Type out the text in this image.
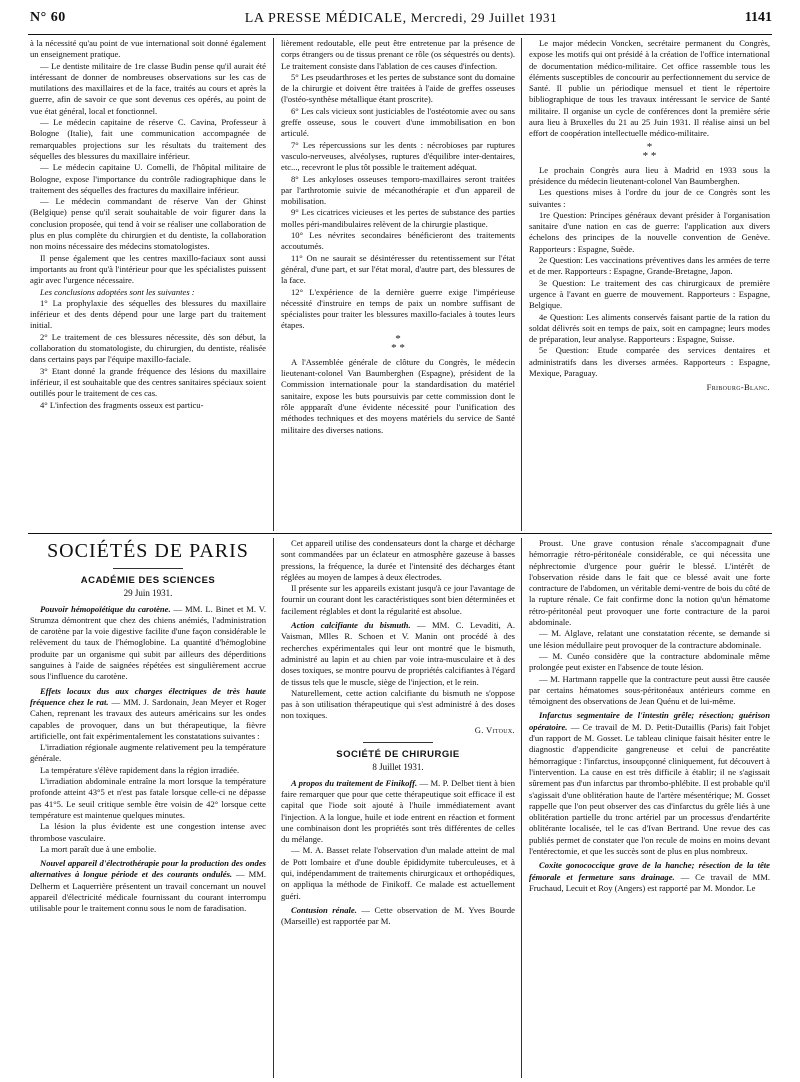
N° 60	LA PRESSE MÉDICALE, Mercredi, 29 Juillet 1931	1141

à la nécessité qu'au point de vue international soit donné également un enseignement pratique.

— Le dentiste militaire de 1re classe Budin pense qu'il aurait été intéressant de donner de nombreuses observations sur les cas de mutilations des maxillaires et de la face, traités au cours et après la guerre, afin de savoir ce que sont devenus ces opérés, au point de vue état général, local et fonctionnel.

— Le médecin capitaine de réserve C. Cavina, Professeur à Bologne (Italie), fait une communication accompagnée de remarquables projections sur les résultats du traitement des séquelles des blessures du maxillaire inférieur.

— Le médecin capitaine U. Comelli, de l'hôpital militaire de Bologne, expose l'importance du contrôle radiographique dans le traitement des séquelles des fractures du maxillaire inférieur.

— Le médecin commandant de réserve Van der Ghinst (Belgique) pense qu'il serait souhaitable de voir figurer dans la conclusion proposée, qui tend à voir se réaliser une collaboration de plus en plus complète du chirurgien et du dentiste, la collaboration non moins nécessaire des médecins stomatologistes.

Il pense également que les centres maxillo-faciaux sont aussi importants au front qu'à l'intérieur pour que les spécialistes puissent agir avec l'urgence nécessaire.

Les conclusions adoptées sont les suivantes :

1° La prophylaxie des séquelles des blessures du maxillaire inférieur et des dents dépend pour une large part du traitement initial.

2° Le traitement de ces blessures nécessite, dès son début, la collaboration du stomatologiste, du chirurgien, du dentiste, réalisée dans certains pays par l'équipe maxillo-faciale.

3° Etant donné la grande fréquence des lésions du maxillaire inférieur, il est souhaitable que des centres sanitaires spéciaux soient outillés pour le traitement de ces cas.

4° L'infection des fragments osseux est particu-

lièrement redoutable, elle peut être entretenue par la présence de corps étrangers ou de tissus prenant ce rôle (os séquestrés ou dents). Le traitement consiste dans l'ablation de ces causes d'infection.

5° Les pseudarthroses et les pertes de substance sont du domaine de la chirurgie et doivent être traitées à l'aide de greffes osseuses (l'ostéo-synthèse métallique étant proscrite).

6° Les cals vicieux sont justiciables de l'ostéotomie avec ou sans greffe osseuse, sous le couvert d'une immobilisation en bon articulé.

7° Les répercussions sur les dents : nécrobioses par ruptures vasculo-nerveuses, alvéolyses, ruptures d'équilibre inter-dentaires, etc..., recevront le plus tôt possible le traitement adéquat.

8° Les ankyloses osseuses temporo-maxillaires seront traitées par l'arthrotomie suivie de mécanothérapie et d'un appareil de mobilisation.

9° Les cicatrices vicieuses et les pertes de substance des parties molles péri-mandibulaires relèvent de la chirurgie plastique.

10° Les névrites secondaires bénéficieront des traitements accoutumés.

11° On ne saurait se désintéresser du retentissement sur l'état général, d'une part, et sur l'état moral, d'autre part, des blessures de la face.

12° L'expérience de la dernière guerre exige l'impérieuse nécessité d'instruire en temps de paix un nombre suffisant de spécialistes pour traiter les blessures maxillo-faciales à toutes leurs étapes.

*
* *

A l'Assemblée générale de clôture du Congrès, le médecin lieutenant-colonel Van Baumberghen (Espagne), président de la Commission internationale pour la standardisation du matériel sanitaire, expose les buts poursuivis par cette commission dont le rôle appparaît d'une évidente nécessité pour l'unification des méthodes techniques et des moyens matériels du service de Santé militaire des diverses nations.

Le major médecin Voncken, secrétaire permanent du Congrès, expose les motifs qui ont présidé à la création de l'office international de documentation médico-militaire. Cet office rassemble tous les éléments susceptibles de concourir au perfectionnement du service de Santé. Il publie un périodique mensuel et tient le répertoire bibliographique de tous les travaux intéressant le service de Santé militaire. Il organise un cycle de conférences dont la première série aura lieu à Bruxelles du 21 au 25 Juin 1931. Il réalise ainsi un bel effort de coopération intellectuelle médico-militaire.

*
* *

Le prochain Congrès aura lieu à Madrid en 1933 sous la présidence du médecin lieutenant-colonel Van Baumberghen.

Les questions mises à l'ordre du jour de ce Congrès sont les suivantes :

1re Question: Principes généraux devant présider à l'organisation sanitaire d'une nation en cas de guerre: l'application aux divers échelons des principes de la nouvelle convention de Genève. Rapporteurs : Espagne, Suède.

2e Question: Les vaccinations préventives dans les armées de terre et de mer. Rapporteurs : Espagne, Grande-Bretagne, Japon.

3e Question: Le traitement des cas chirurgicaux de première urgence à l'avant en guerre de mouvement. Rapporteurs : Espagne, Belgique.

4e Question: Les aliments conservés faisant partie de la ration du soldat délivrés soit en temps de paix, soit en campagne; leurs modes de préparation, leur analyse. Rapporteurs : Espagne, Suisse.

5e Question: Etude comparée des services dentaires et administratifs dans les diverses armées. Rapporteurs : Espagne, Mexique, Paraguay.

Fribourg-Blanc.

SOCIÉTÉS DE PARIS
ACADÉMIE DES SCIENCES
29 Juin 1931.

Pouvoir hémopoïétique du carotène. — MM. L. Binet et M. V. Strumza démontrent que chez des chiens anémiés, l'administration de carotène par la voie digestive facilite d'une façon considérable le relèvement du taux de l'hémoglobine. La quantité d'hémoglobine produite par un organisme qui subit par ailleurs des déperditions sanguines à l'aide de saignées répétées est singulièrement accrue sous l'influence du carotène.

Effets locaux dus aux charges électriques de très haute fréquence chez le rat. — MM. J. Sardonain, Jean Meyer et Roger Cahen, reprenant les travaux des auteurs américains sur les ondes capables de provoquer, dans un but thérapeutique, la fièvre artificielle, ont fait expérimentalement les constatations suivantes :

L'irradiation régionale augmente relativement peu la température générale.

La température s'élève rapidement dans la région irradiée.

L'irradiation abdominale entraîne la mort lorsque la température profonde atteint 43°5 et n'est pas fatale lorsque celle-ci ne dépasse pas 41°5. Le seuil critique semble être voisin de 42° lorsque cette température est maintenue quelques minutes.

La lésion la plus évidente est une congestion intense avec thrombose vasculaire.

La mort paraît due à une embolie.

Nouvel appareil d'électrothérapie pour la production des ondes alternatives à longue période et des courants ondulés. — MM. Delherm et Laquerrière présentent un travail concernant un nouvel appareil d'électricité médicale fournissant du courant interrompu utilisable pour le traitement connu sous le nom de faradisation.

Cet appareil utilise des condensateurs dont la charge et décharge sont commandées par un éclateur en atmosphère gazeuse à basses pressions, la fréquence, la durée et l'intensité des décharges étant réglées au moyen de lampes à deux électrodes.

Il présente sur les appareils existant jusqu'à ce jour l'avantage de fournir un courant dont les caractéristiques sont bien déterminées et facilement réglables et dont la régularité est absolue.

Action calcifiante du bismuth. — MM. C. Levaditi, A. Vaisman, Mlles R. Schoen et V. Manin ont procédé à des recherches expérimentales qui leur ont montré que le bismuth, administré au lapin et au chien par voie intra-musculaire et à des doses toxiques, se montre pourvu de propriétés calcifiantes à l'égard de tissus tels que le muscle, siège de l'injection, et le rein.

Naturellement, cette action calcifiante du bismuth ne s'oppose pas à son utilisation thérapeutique qui s'est administré à des doses non toxiques.

G. Vitoux.

SOCIÉTÉ DE CHIRURGIE
8 Juillet 1931.

A propos du traitement de Finikoff. — M. P. Delbet tient à bien faire remarquer que pour que cette thérapeutique soit efficace il est capital que l'iode soit ajouté à l'huile immédiatement avant l'injection. A la longue, huile et iode entrent en réaction et forment une combinaison dont les propriétés sont très différentes de celles du mélange.

— M. A. Basset relate l'observation d'un malade atteint de mal de Pott lombaire et d'une double épididymite tuberculeuses, et à qui, indépendamment de traitements chirurgicaux et orthopédiques, on appliqua la méthode de Finikoff. Ce malade est actuellement guéri.

Contusion rénale. — Cette observation de M. Yves Bourde (Marseille) est rapportée par M.

Proust. Une grave contusion rénale s'accompagnait d'une hémorragie rétro-péritonéale considérable, ce qui nécessita une néphrectomie d'urgence pour guérir le blessé. L'intérêt de l'observation réside dans le fait que ce blessé avait une forte contracture de l'abdomen, un véritable demi-ventre de bois du côté de la rupture rénale. Ce fait confirme donc la notion qu'un hématome rétro-péritonéal peut provoquer une forte contracture de la paroi abdominale.

— M. Alglave, relatant une constatation récente, se demande si une lésion médullaire peut provoquer de la contracture abdominale.

— M. Cunéo considère que la contracture abdominale même prolongée peut exister en l'absence de toute lésion.

— M. Hartmann rappelle que la contracture peut aussi être causée par certains hématomes sous-péritonéaux antérieurs comme en témoignent des observations de Jean Quénu et de lui-même.

Infarctus segmentaire de l'intestin grêle; résection; guérison opératoire. — Ce travail de M. D. Petit-Dutaillis (Paris) fait l'objet d'un rapport de M. Gosset. Le tableau clinique faisait hésiter entre le diagnostic d'appendicite gangreneuse et celui de pancréatite hémorragique : l'infarctus, insoupçonné cliniquement, fut découvert à l'intervention. La cause en est très difficile à établir; il ne s'agissait sûrement pas d'un infarctus par thrombo-phlébite. Il est probable qu'il s'agissait d'une oblitération haute de l'artère mésentérique; M. Gosset rappelle que l'on peut observer des cas d'infarctus du grêle liés à une oblitération partielle du tronc artériel par un processus d'endartérite oblitérante localisée, tel le cas d'Ivan Bertrand. Une revue des cas publiés permet de constater que l'on recule de moins en moins devant l'entérectomie, et que les succès sont de plus en plus nombreux.

Coxite gonococcique grave de la hanche; résection de la tête fémorale et fermeture sans drainage. — Ce travail de MM. Fruchaud, Lecuit et Roy (Angers) est rapporté par M. Mondor. Le
